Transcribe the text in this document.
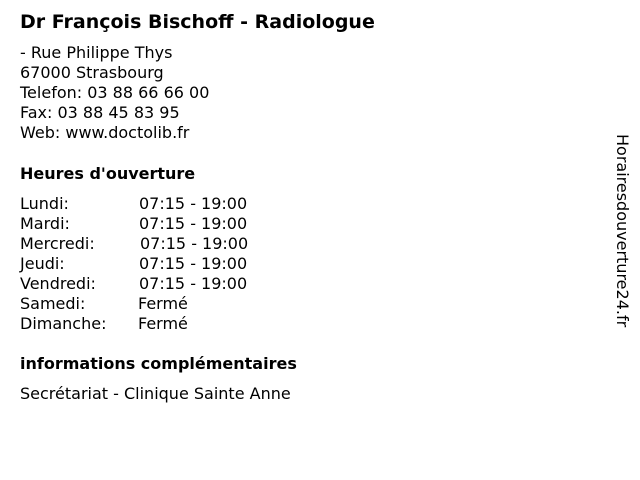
Dr François Bischoff - Radiologue
- Rue Philippe Thys
67000 Strasbourg
Telefon: 03 88 66 66 00
Fax: 03 88 45 83 95
Web: www.doctolib.fr
Heures d'ouverture
Lundi:	07:15 - 19:00
Mardi:	07:15 - 19:00
Mercredi:	07:15 - 19:00
Jeudi:	07:15 - 19:00
Vendredi:	07:15 - 19:00
Samedi:	Fermé
Dimanche: Fermé
informations complémentaires
Secrétariat - Clinique Sainte Anne
Horairesdouverture24.fr
